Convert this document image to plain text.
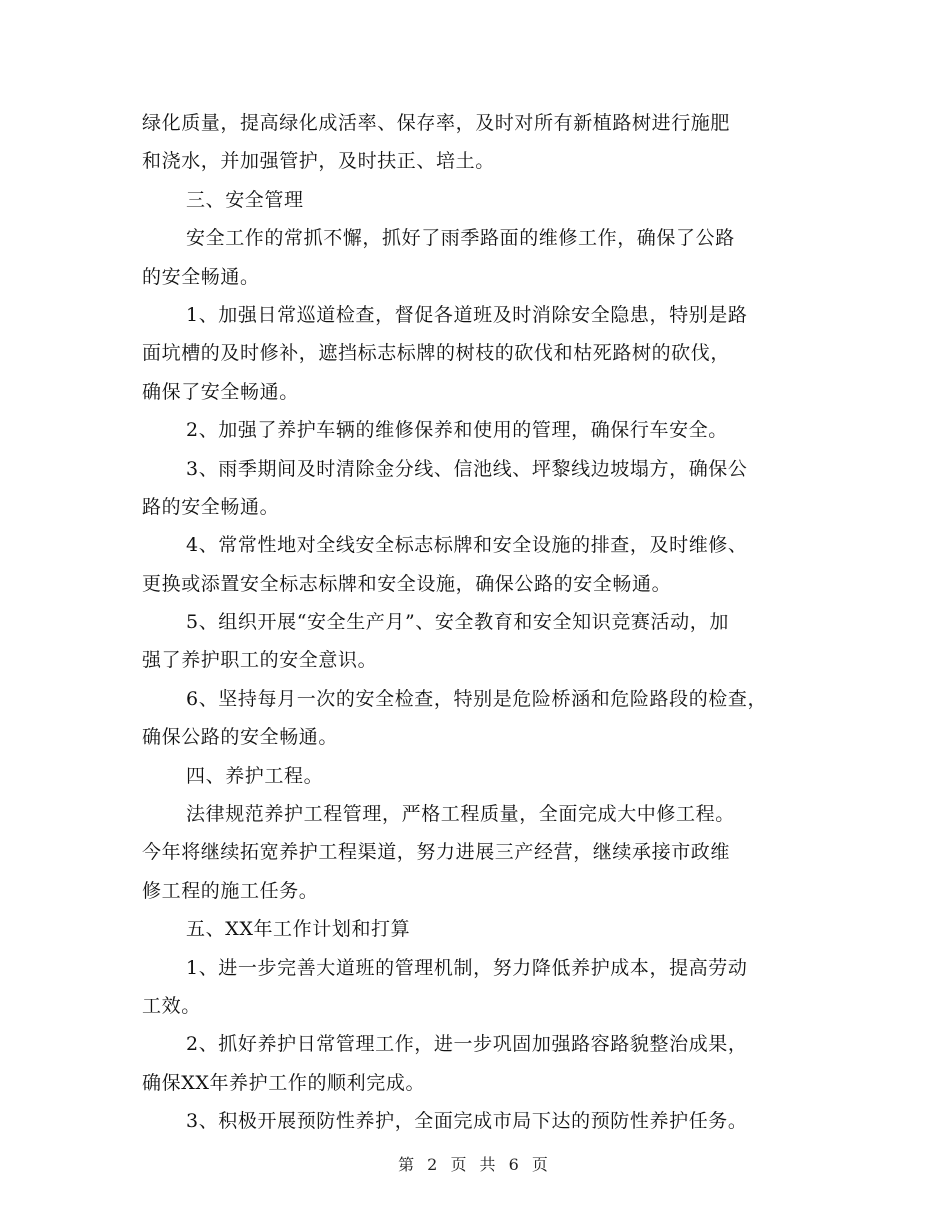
绿化质量，提高绿化成活率、保存率，及时对所有新植路树进行施肥
和浇水，并加强管护，及时扶正、培土。
三、安全管理
安全工作的常抓不懈，抓好了雨季路面的维修工作，确保了公路
的安全畅通。
1、加强日常巡道检查，督促各道班及时消除安全隐患，特别是路
面坑槽的及时修补，遮挡标志标牌的树枝的砍伐和枯死路树的砍伐，
确保了安全畅通。
2、加强了养护车辆的维修保养和使用的管理，确保行车安全。
3、雨季期间及时清除金分线、信池线、坪黎线边坡塌方，确保公
路的安全畅通。
4、常常性地对全线安全标志标牌和安全设施的排查，及时维修、
更换或添置安全标志标牌和安全设施，确保公路的安全畅通。
5、组织开展“安全生产月”、安全教育和安全知识竞赛活动，加
强了养护职工的安全意识。
6、坚持每月一次的安全检查，特别是危险桥涵和危险路段的检查，
确保公路的安全畅通。
四、养护工程。
法律规范养护工程管理，严格工程质量，全面完成大中修工程。
今年将继续拓宽养护工程渠道，努力进展三产经营，继续承接市政维
修工程的施工任务。
五、XX年工作计划和打算
1、进一步完善大道班的管理机制，努力降低养护成本，提高劳动
工效。
2、抓好养护日常管理工作，进一步巩固加强路容路貌整治成果，
确保XX年养护工作的顺利完成。
3、积极开展预防性养护，全面完成市局下达的预防性养护任务。
第 2 页 共 6 页
